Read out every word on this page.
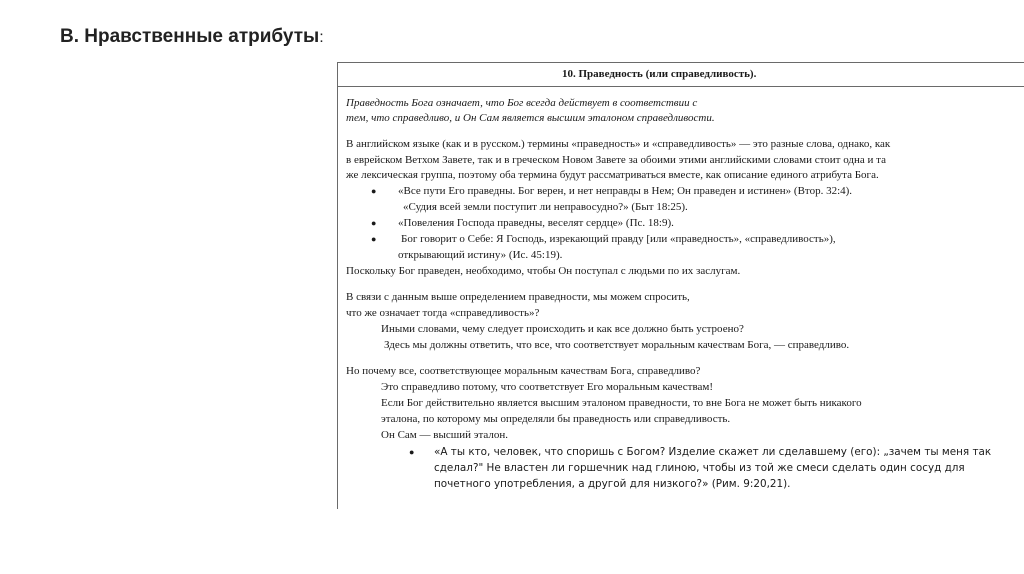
В. Нравственные атрибуты:
10. Праведность (или справедливость).
Праведность Бога означает, что Бог всегда действует в соответствии с
тем, что справедливо, и Он Сам является высшим эталоном справедливости.
В английском языке (как и в русском.) термины «праведность» и «справедливость» — это разные слова, однако, как
в еврейском Ветхом Завете, так и в греческом Новом Завете за обоими этими английскими словами стоит одна и та
же лексическая группа, поэтому оба термина будут рассматриваться вместе, как описание единого атрибута Бога.
● «Все пути Его праведны. Бог верен, и нет неправды в Нем; Он праведен и истинен» (Втор. 32:4).
«Судия всей земли поступит ли неправосудно?» (Быт 18:25).
● «Повеления Господа праведны, веселят сердце» (Пс. 18:9).
● Бог говорит о Себе: Я Господь, изрекающий правду [или «праведность», «справедливость»),
открывающий истину» (Ис. 45:19).
Поскольку Бог праведен, необходимо, чтобы Он поступал с людьми по их заслугам.
В связи с данным выше определением праведности, мы можем спросить,
что же означает тогда «справедливость»?
Иными словами, чему следует происходить и как все должно быть устроено?
Здесь мы должны ответить, что все, что соответствует моральным качествам Бога, — справедливо.
Но почему все, соответствующее моральным качествам Бога, справедливо?
Это справедливо потому, что соответствует Его моральным качествам!
Если Бог действительно является высшим эталоном праведности, то вне Бога не может быть никакого
эталона, по которому мы определяли бы праведность или справедливость.
Он Сам — высший эталон.
● «А ты кто, человек, что споришь с Богом? Изделие скажет ли сделавшему (его): „зачем ты меня так
сделал?" Не властен ли горшечник над глиною, чтобы из той же смеси сделать один сосуд для
почетного употребления, а другой для низкого?» (Рим. 9:20,21).
